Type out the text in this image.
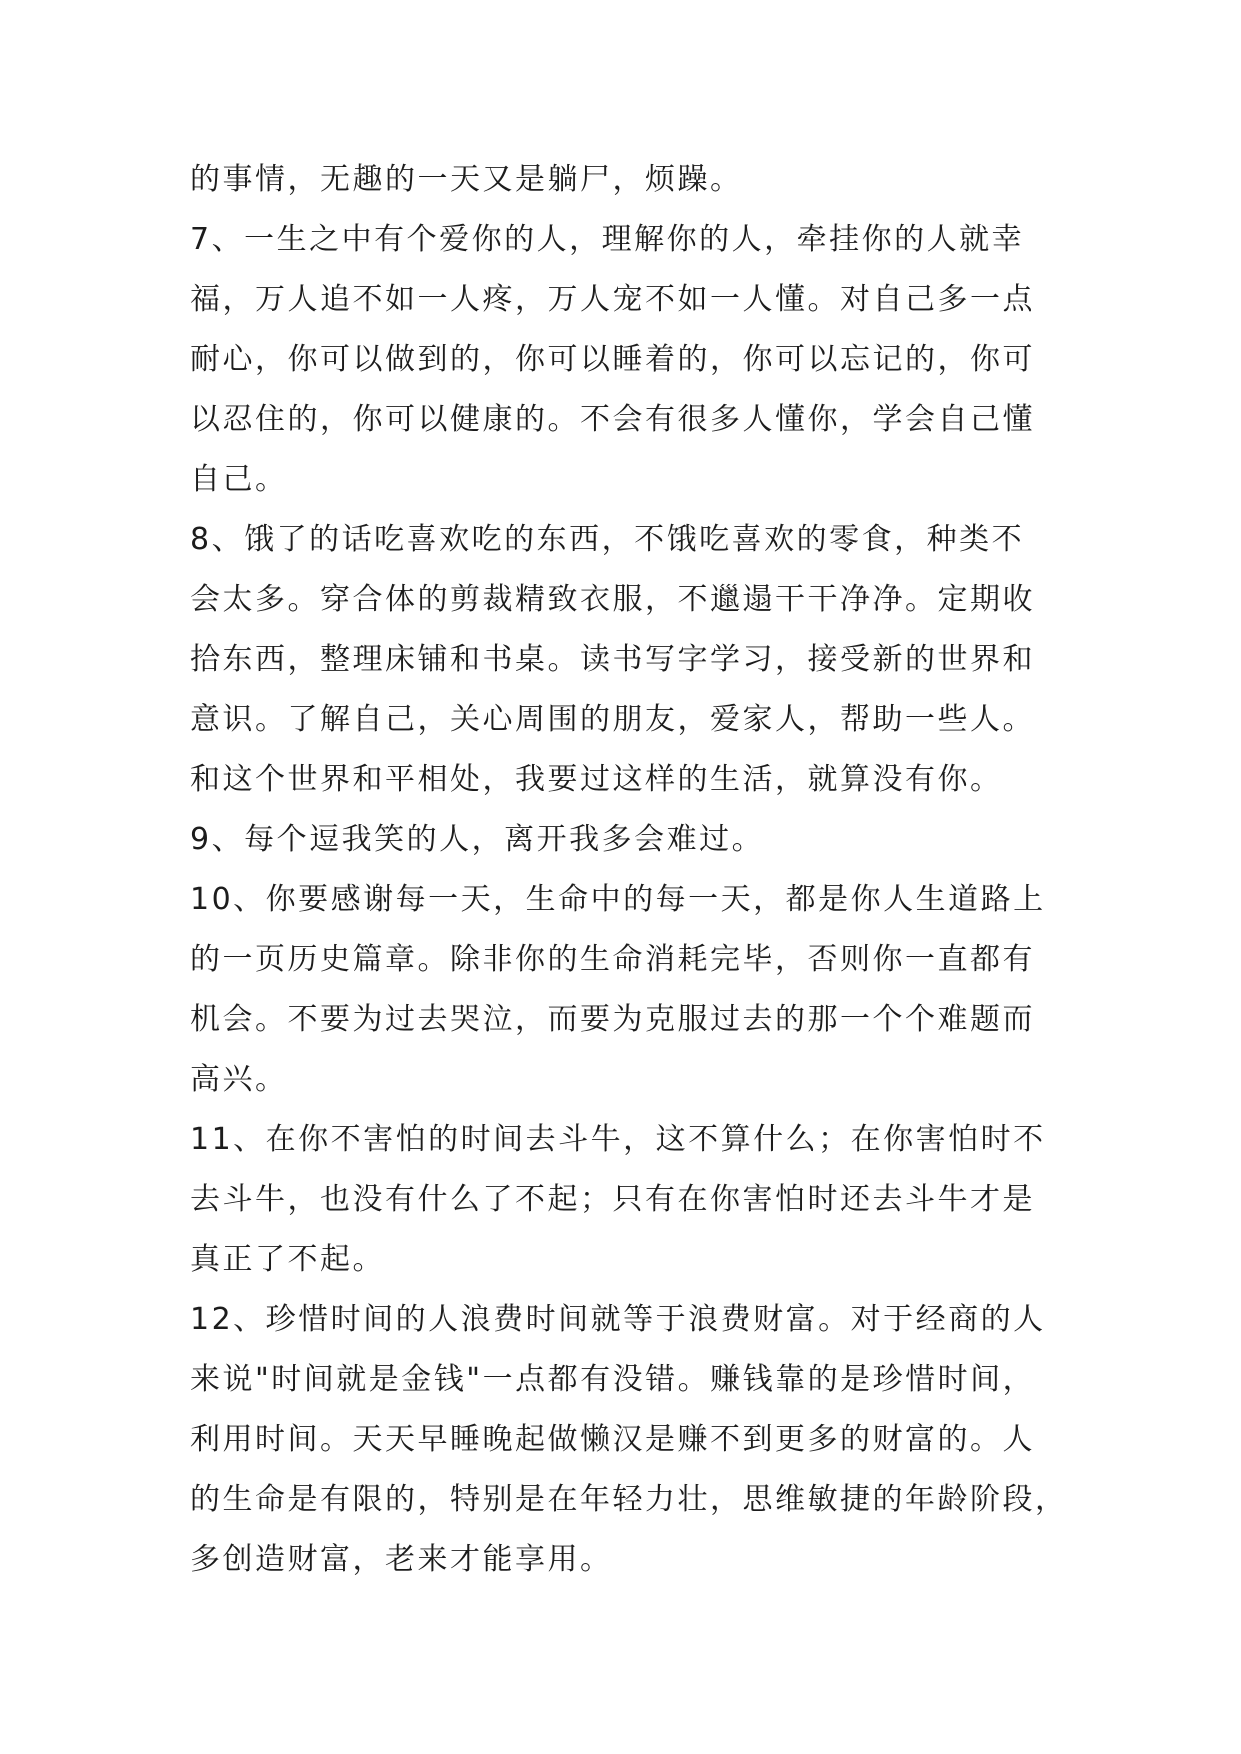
的事情，无趣的一天又是躺尸，烦躁。
7、一生之中有个爱你的人，理解你的人，牵挂你的人就幸
福，万人追不如一人疼，万人宠不如一人懂。对自己多一点
耐心，你可以做到的，你可以睡着的，你可以忘记的，你可
以忍住的，你可以健康的。不会有很多人懂你，学会自己懂
自己。
8、饿了的话吃喜欢吃的东西，不饿吃喜欢的零食，种类不
会太多。穿合体的剪裁精致衣服，不邋遢干干净净。定期收
拾东西，整理床铺和书桌。读书写字学习，接受新的世界和
意识。了解自己，关心周围的朋友，爱家人，帮助一些人。
和这个世界和平相处，我要过这样的生活，就算没有你。
9、每个逗我笑的人，离开我多会难过。
10、你要感谢每一天，生命中的每一天，都是你人生道路上
的一页历史篇章。除非你的生命消耗完毕，否则你一直都有
机会。不要为过去哭泣，而要为克服过去的那一个个难题而
高兴。
11、在你不害怕的时间去斗牛，这不算什么；在你害怕时不
去斗牛，也没有什么了不起；只有在你害怕时还去斗牛才是
真正了不起。
12、珍惜时间的人浪费时间就等于浪费财富。对于经商的人
来说"时间就是金钱"一点都有没错。赚钱靠的是珍惜时间，
利用时间。天天早睡晚起做懒汉是赚不到更多的财富的。人
的生命是有限的，特别是在年轻力壮，思维敏捷的年龄阶段，
多创造财富，老来才能享用。
